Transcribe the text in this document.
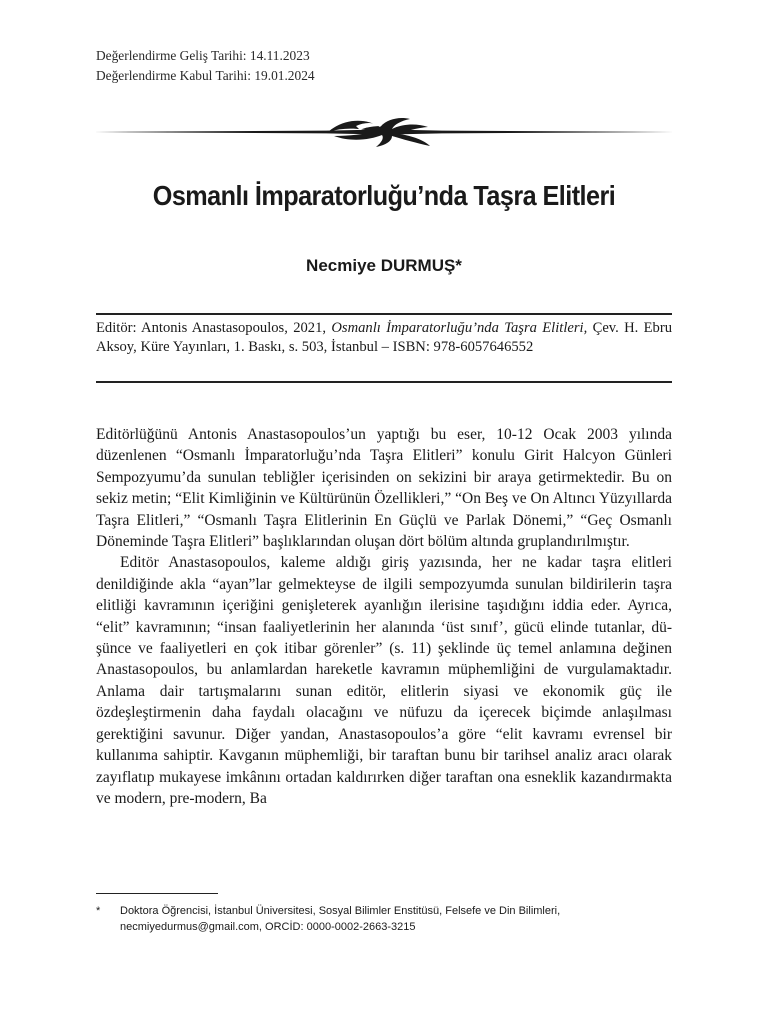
Değerlendirme Geliş Tarihi: 14.11.2023
Değerlendirme Kabul Tarihi: 19.01.2024
Osmanlı İmparatorluğu’nda Taşra Elitleri
Necmiye DURMUŞ*
Editör: Antonis Anastasopoulos, 2021, Osmanlı İmparatorluğu’nda Taşra Elitleri, Çev. H. Ebru Aksoy, Küre Yayınları, 1. Baskı, s. 503, İstanbul – ISBN: 978-6057646552

Editörlüğünü Antonis Anastasopoulos’un yaptığı bu eser, 10-12 Ocak 2003 yılında düzenlenen “Osmanlı İmparatorluğu’nda Taşra Elitleri” konulu Girit Halcyon Günleri Sempozyumu’da sunulan tebliğler içerisinden on sekizini bir araya getirmektedir. Bu on sekiz metin; “Elit Kimliğinin ve Kültürünün Özellikleri,” “On Beş ve On Altıncı Yüzyıllarda Taşra Elitleri,” “Osmanlı Taşra Elitlerinin En Güçlü ve Parlak Dönemi,” “Geç Osmanlı Döneminde Taşra Elitleri” başlıklarından oluşan dört bölüm altında gruplandırılmıştır.

Editör Anastasopoulos, kaleme aldığı giriş yazısında, her ne kadar taşra elitleri denildiğinde akla “ayan”lar gelmekteyse de ilgili sempozyumda sunulan bildirilerin taşra elitliği kavramının içeriğini genişleterek ayanlığın ilerisine taşıdığını iddia eder. Ayrıca, “elit” kavramının; “insan faaliyetlerinin her alanında ‘üst sınıf’, gücü elinde tutanlar, düşünce ve faaliyetleri en çok itibar görenler” (s. 11) şeklinde üç temel anlamına değinen Anastasopoulos, bu anlamlardan hareketle kavramın müphemliğini de vurgulamaktadır. Anlama dair tartışmalarını sunan editör, elitlerin siyasi ve ekonomik güç ile özdeşleştirmenin daha faydalı olacağını ve nüfuzu da içerecek biçimde anlaşılması gerektiğini savunur. Diğer yandan, Anastasopoulos’a göre “elit kavramı evrensel bir kullanıma sahiptir. Kavganın müphemliği, bir taraftan bunu bir tarihsel analiz aracı olarak zayıflatıp mukayese imkânını ortadan kaldırırken diğer taraftan ona esneklik kazandırmakta ve modern, pre-modern, Ba

* Doktora Öğrencisi, İstanbul Üniversitesi, Sosyal Bilimler Enstitüsü, Felsefe ve Din Bilimleri, necmiyedurmus@gmail.com, ORCİD: 0000-0002-2663-3215
